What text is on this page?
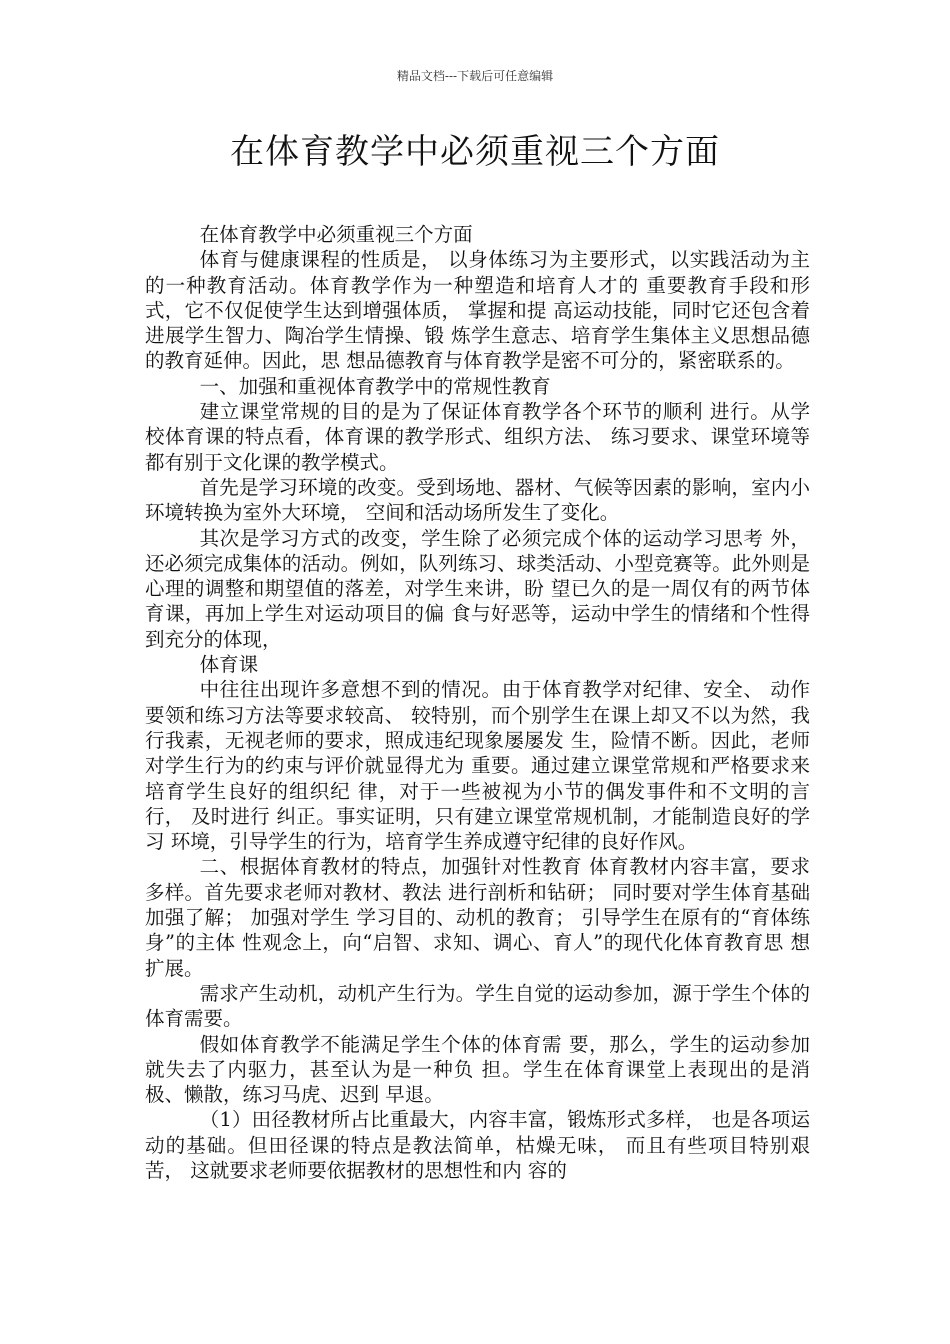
精品文档---下载后可任意编辑
在体育教学中必须重视三个方面

在体育教学中必须重视三个方面

体育与健康课程的性质是， 以身体练习为主要形式，以实践活动为主的一种教育活动。体育教学作为一种塑造和培育人才的 重要教育手段和形式，它不仅促使学生达到增强体质， 掌握和提 高运动技能，同时它还包含着进展学生智力、陶冶学生情操、锻 炼学生意志、培育学生集体主义思想品德的教育延伸。因此，思 想品德教育与体育教学是密不可分的，紧密联系的。

一、加强和重视体育教学中的常规性教育

建立课堂常规的目的是为了保证体育教学各个环节的顺利 进行。从学校体育课的特点看，体育课的教学形式、组织方法、 练习要求、课堂环境等都有别于文化课的教学模式。

首先是学习环境的改变。受到场地、器材、气候等因素的影响，室内小环境转换为室外大环境， 空间和活动场所发生了变化。

其次是学习方式的改变，学生除了必须完成个体的运动学习思考 外，还必须完成集体的活动。例如，队列练习、球类活动、小型竞赛等。此外则是心理的调整和期望值的落差，对学生来讲，盼 望已久的是一周仅有的两节体育课，再加上学生对运动项目的偏 食与好恶等，运动中学生的情绪和个性得到充分的体现，

体育课

中往往出现许多意想不到的情况。由于体育教学对纪律、安全、 动作要领和练习方法等要求较高、 较特别，而个别学生在课上却又不以为然，我行我素，无视老师的要求，照成违纪现象屡屡发 生，险情不断。因此，老师对学生行为的约束与评价就显得尤为 重要。通过建立课堂常规和严格要求来培育学生良好的组织纪 律，对于一些被视为小节的偶发事件和不文明的言行， 及时进行 纠正。事实证明，只有建立课堂常规机制，才能制造良好的学习 环境，引导学生的行为，培育学生养成遵守纪律的良好作风。

二、根据体育教材的特点，加强针对性教育 体育教材内容丰富，要求多样。首先要求老师对教材、教法 进行剖析和钻研； 同时要对学生体育基础加强了解； 加强对学生 学习目的、动机的教育； 引导学生在原有的“育体练身”的主体 性观念上，向“启智、求知、调心、育人”的现代化体育教育思 想扩展。

需求产生动机，动机产生行为。学生自觉的运动参加，源于学生个体的体育需要。

假如体育教学不能满足学生个体的体育需 要，那么，学生的运动参加就失去了内驱力，甚至认为是一种负 担。学生在体育课堂上表现出的是消极、懒散，练习马虎、迟到 早退。

（1）田径教材所占比重最大，内容丰富，锻炼形式多样， 也是各项运动的基础。但田径课的特点是教法简单，枯燥无味， 而且有些项目特别艰苦， 这就要求老师要依据教材的思想性和内 容的
